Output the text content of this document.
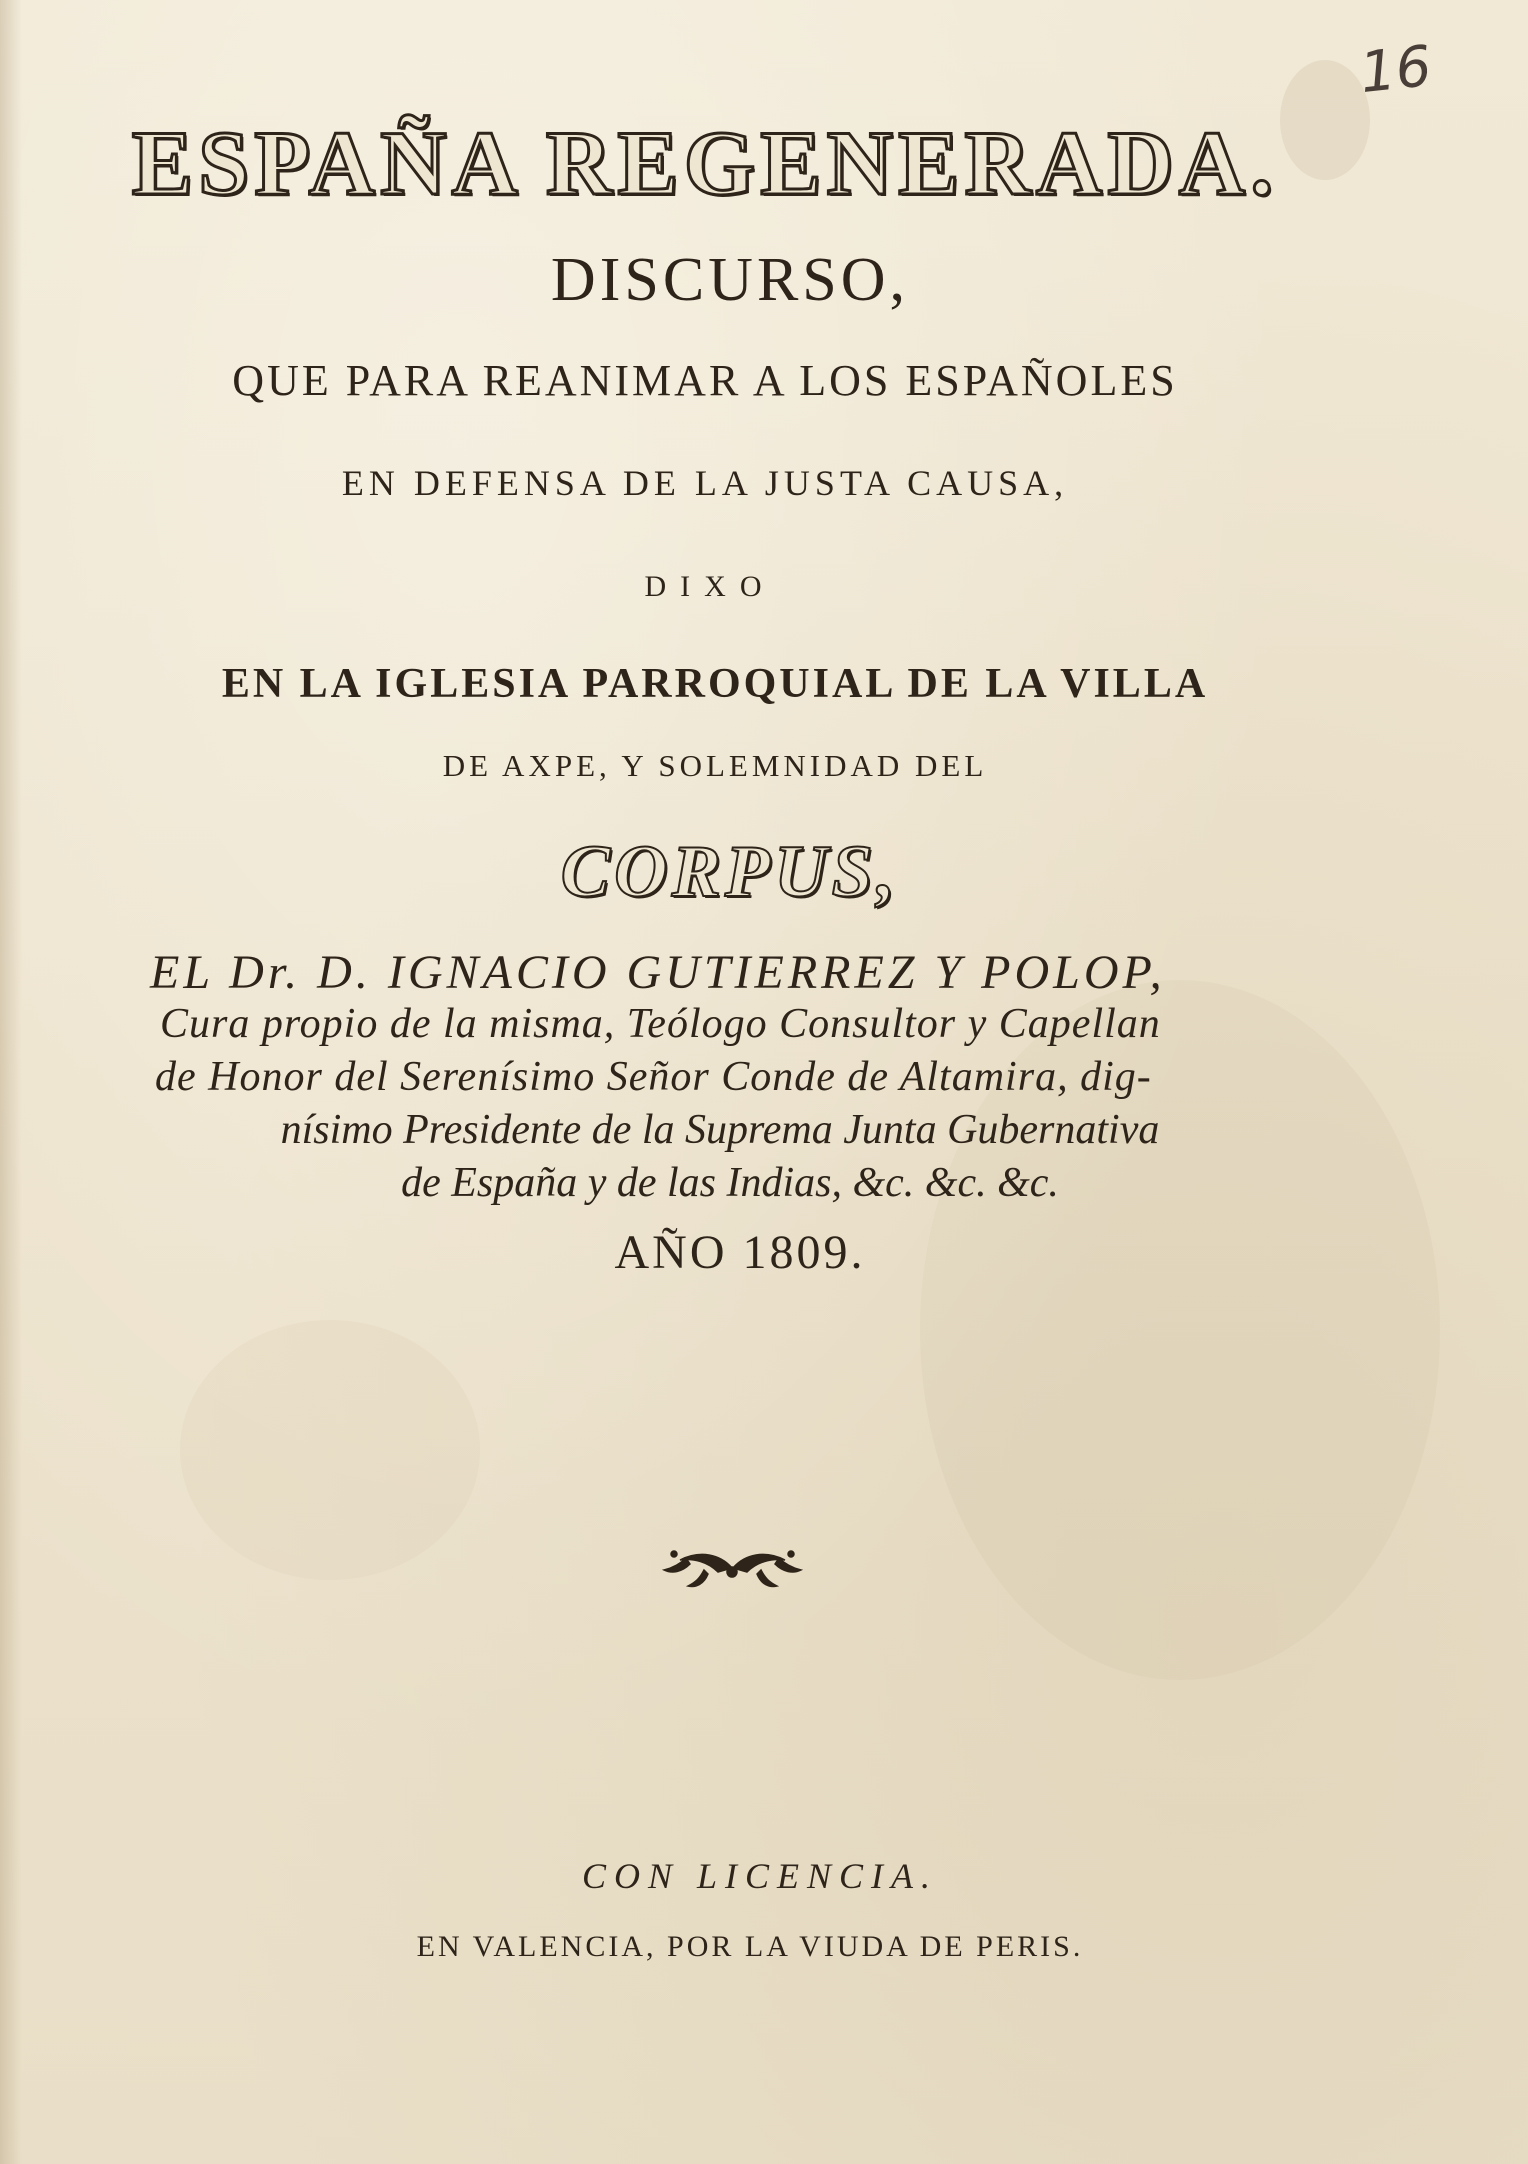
16

ESPAÑA REGENERADA.

DISCURSO,

QUE PARA REANIMAR A LOS ESPAÑOLES

EN DEFENSA DE LA JUSTA CAUSA,

DIXO

EN LA IGLESIA PARROQUIAL DE LA VILLA

DE AXPE, Y SOLEMNIDAD DEL

CORPUS,

EL Dr. D. IGNACIO GUTIERREZ Y POLOP,

Cura propio de la misma, Teólogo Consultor y Capellan

de Honor del Serenísimo Señor Conde de Altamira, dig-

nísimo Presidente de la Suprema Junta Gubernativa

de España y de las Indias, &c. &c. &c.

AÑO 1809.

CON LICENCIA.

EN VALENCIA, POR LA VIUDA DE PERIS.
